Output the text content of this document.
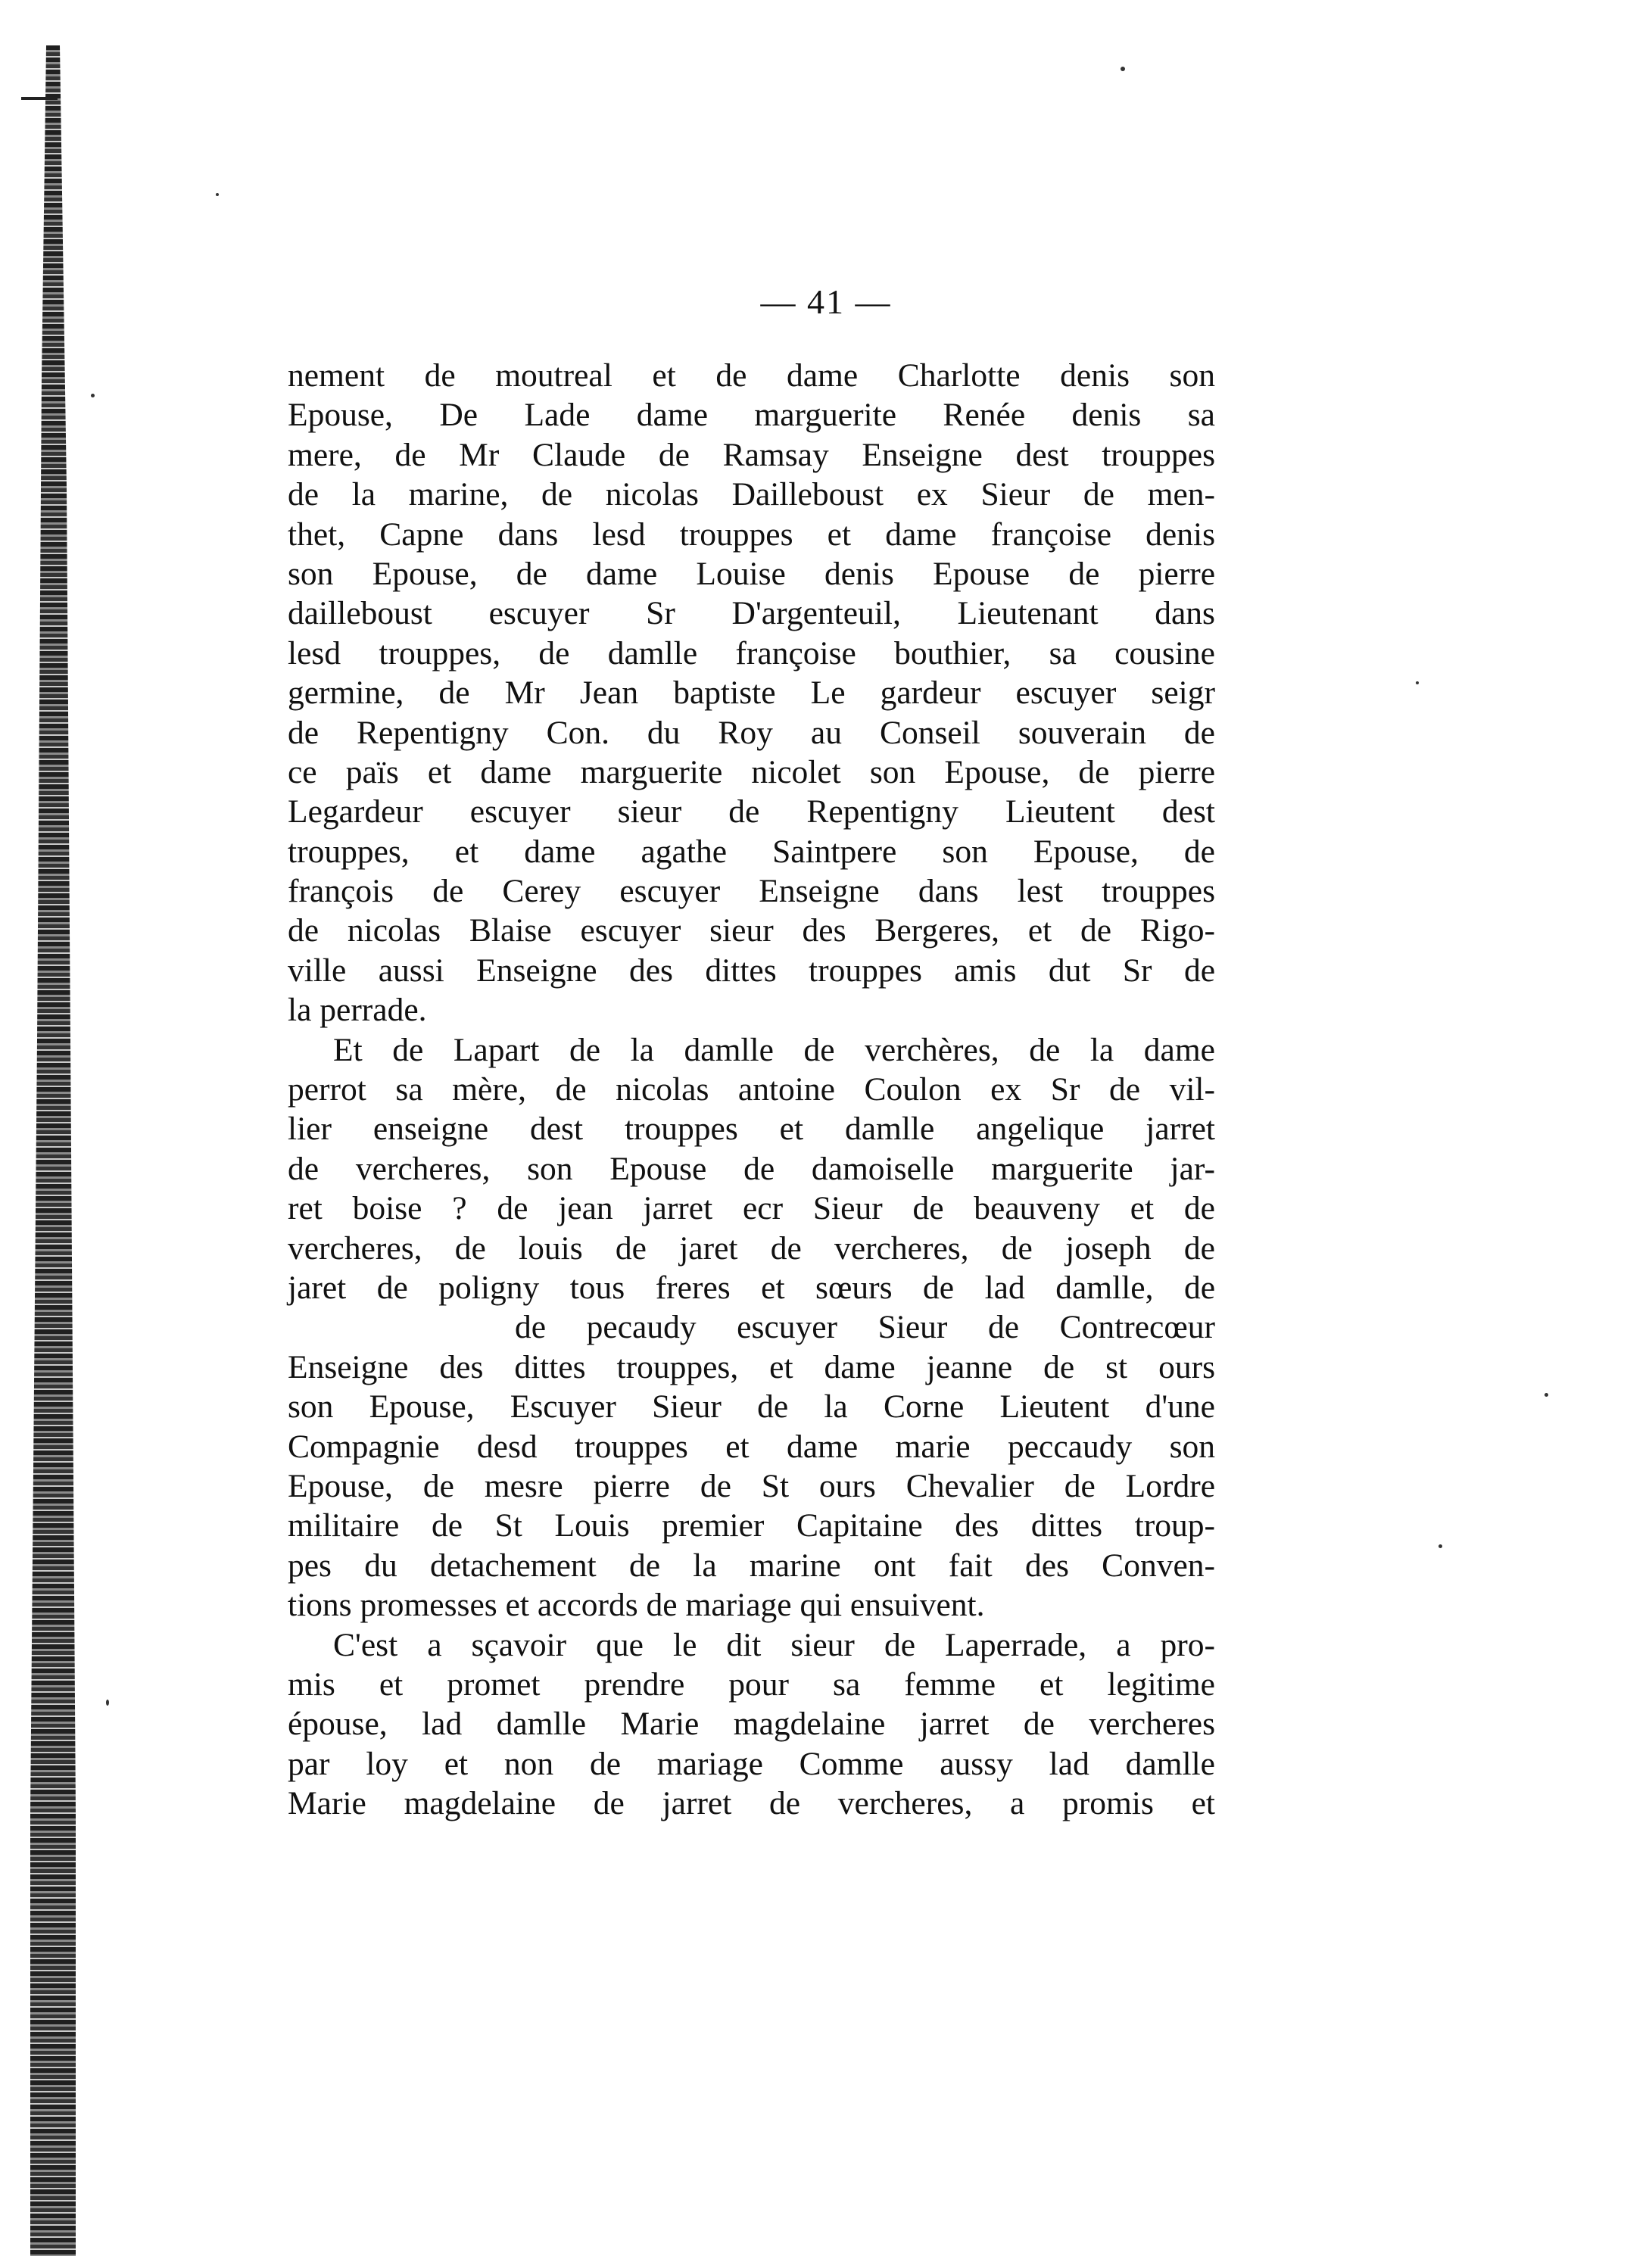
— 41 —
nement de moutreal et de dame Charlotte denis son
Epouse, De Lade dame marguerite Renée denis sa
mere, de Mr Claude de Ramsay Enseigne dest trouppes
de la marine, de nicolas Dailleboust ex Sieur de men-
thet, Capne dans lesd trouppes et dame françoise denis
son Epouse, de dame Louise denis Epouse de pierre
dailleboust escuyer Sr D'argenteuil, Lieutenant dans
lesd trouppes, de damlle françoise bouthier, sa cousine
germine, de Mr Jean baptiste Le gardeur escuyer seigr
de Repentigny Con. du Roy au Conseil souverain de
ce païs et dame marguerite nicolet son Epouse, de pierre
Legardeur escuyer sieur de Repentigny Lieutent dest
trouppes, et dame agathe Saintpere son Epouse, de
françois de Cerey escuyer Enseigne dans lest trouppes
de nicolas Blaise escuyer sieur des Bergeres, et de Rigo-
ville aussi Enseigne des dittes trouppes amis dut Sr de
la perrade.
Et de Lapart de la damlle de verchères, de la dame
perrot sa mère, de nicolas antoine Coulon ex Sr de vil-
lier enseigne dest trouppes et damlle angelique jarret
de vercheres, son Epouse de damoiselle marguerite jar-
ret boise ? de jean jarret ecr Sieur de beauveny et de
vercheres, de louis de jaret de vercheres, de joseph de
jaret de poligny tous freres et sœurs de lad damlle, de
de pecaudy escuyer Sieur de Contrecœur
Enseigne des dittes trouppes, et dame jeanne de st ours
son Epouse, Escuyer Sieur de la Corne Lieutent d'une
Compagnie desd trouppes et dame marie peccaudy son
Epouse, de mesre pierre de St ours Chevalier de Lordre
militaire de St Louis premier Capitaine des dittes troup-
pes du detachement de la marine ont fait des Conven-
tions promesses et accords de mariage qui ensuivent.
C'est a sçavoir que le dit sieur de Laperrade, a pro-
mis et promet prendre pour sa femme et legitime
épouse, lad damlle Marie magdelaine jarret de vercheres
par loy et non de mariage Comme aussy lad damlle
Marie magdelaine de jarret de vercheres, a promis et
